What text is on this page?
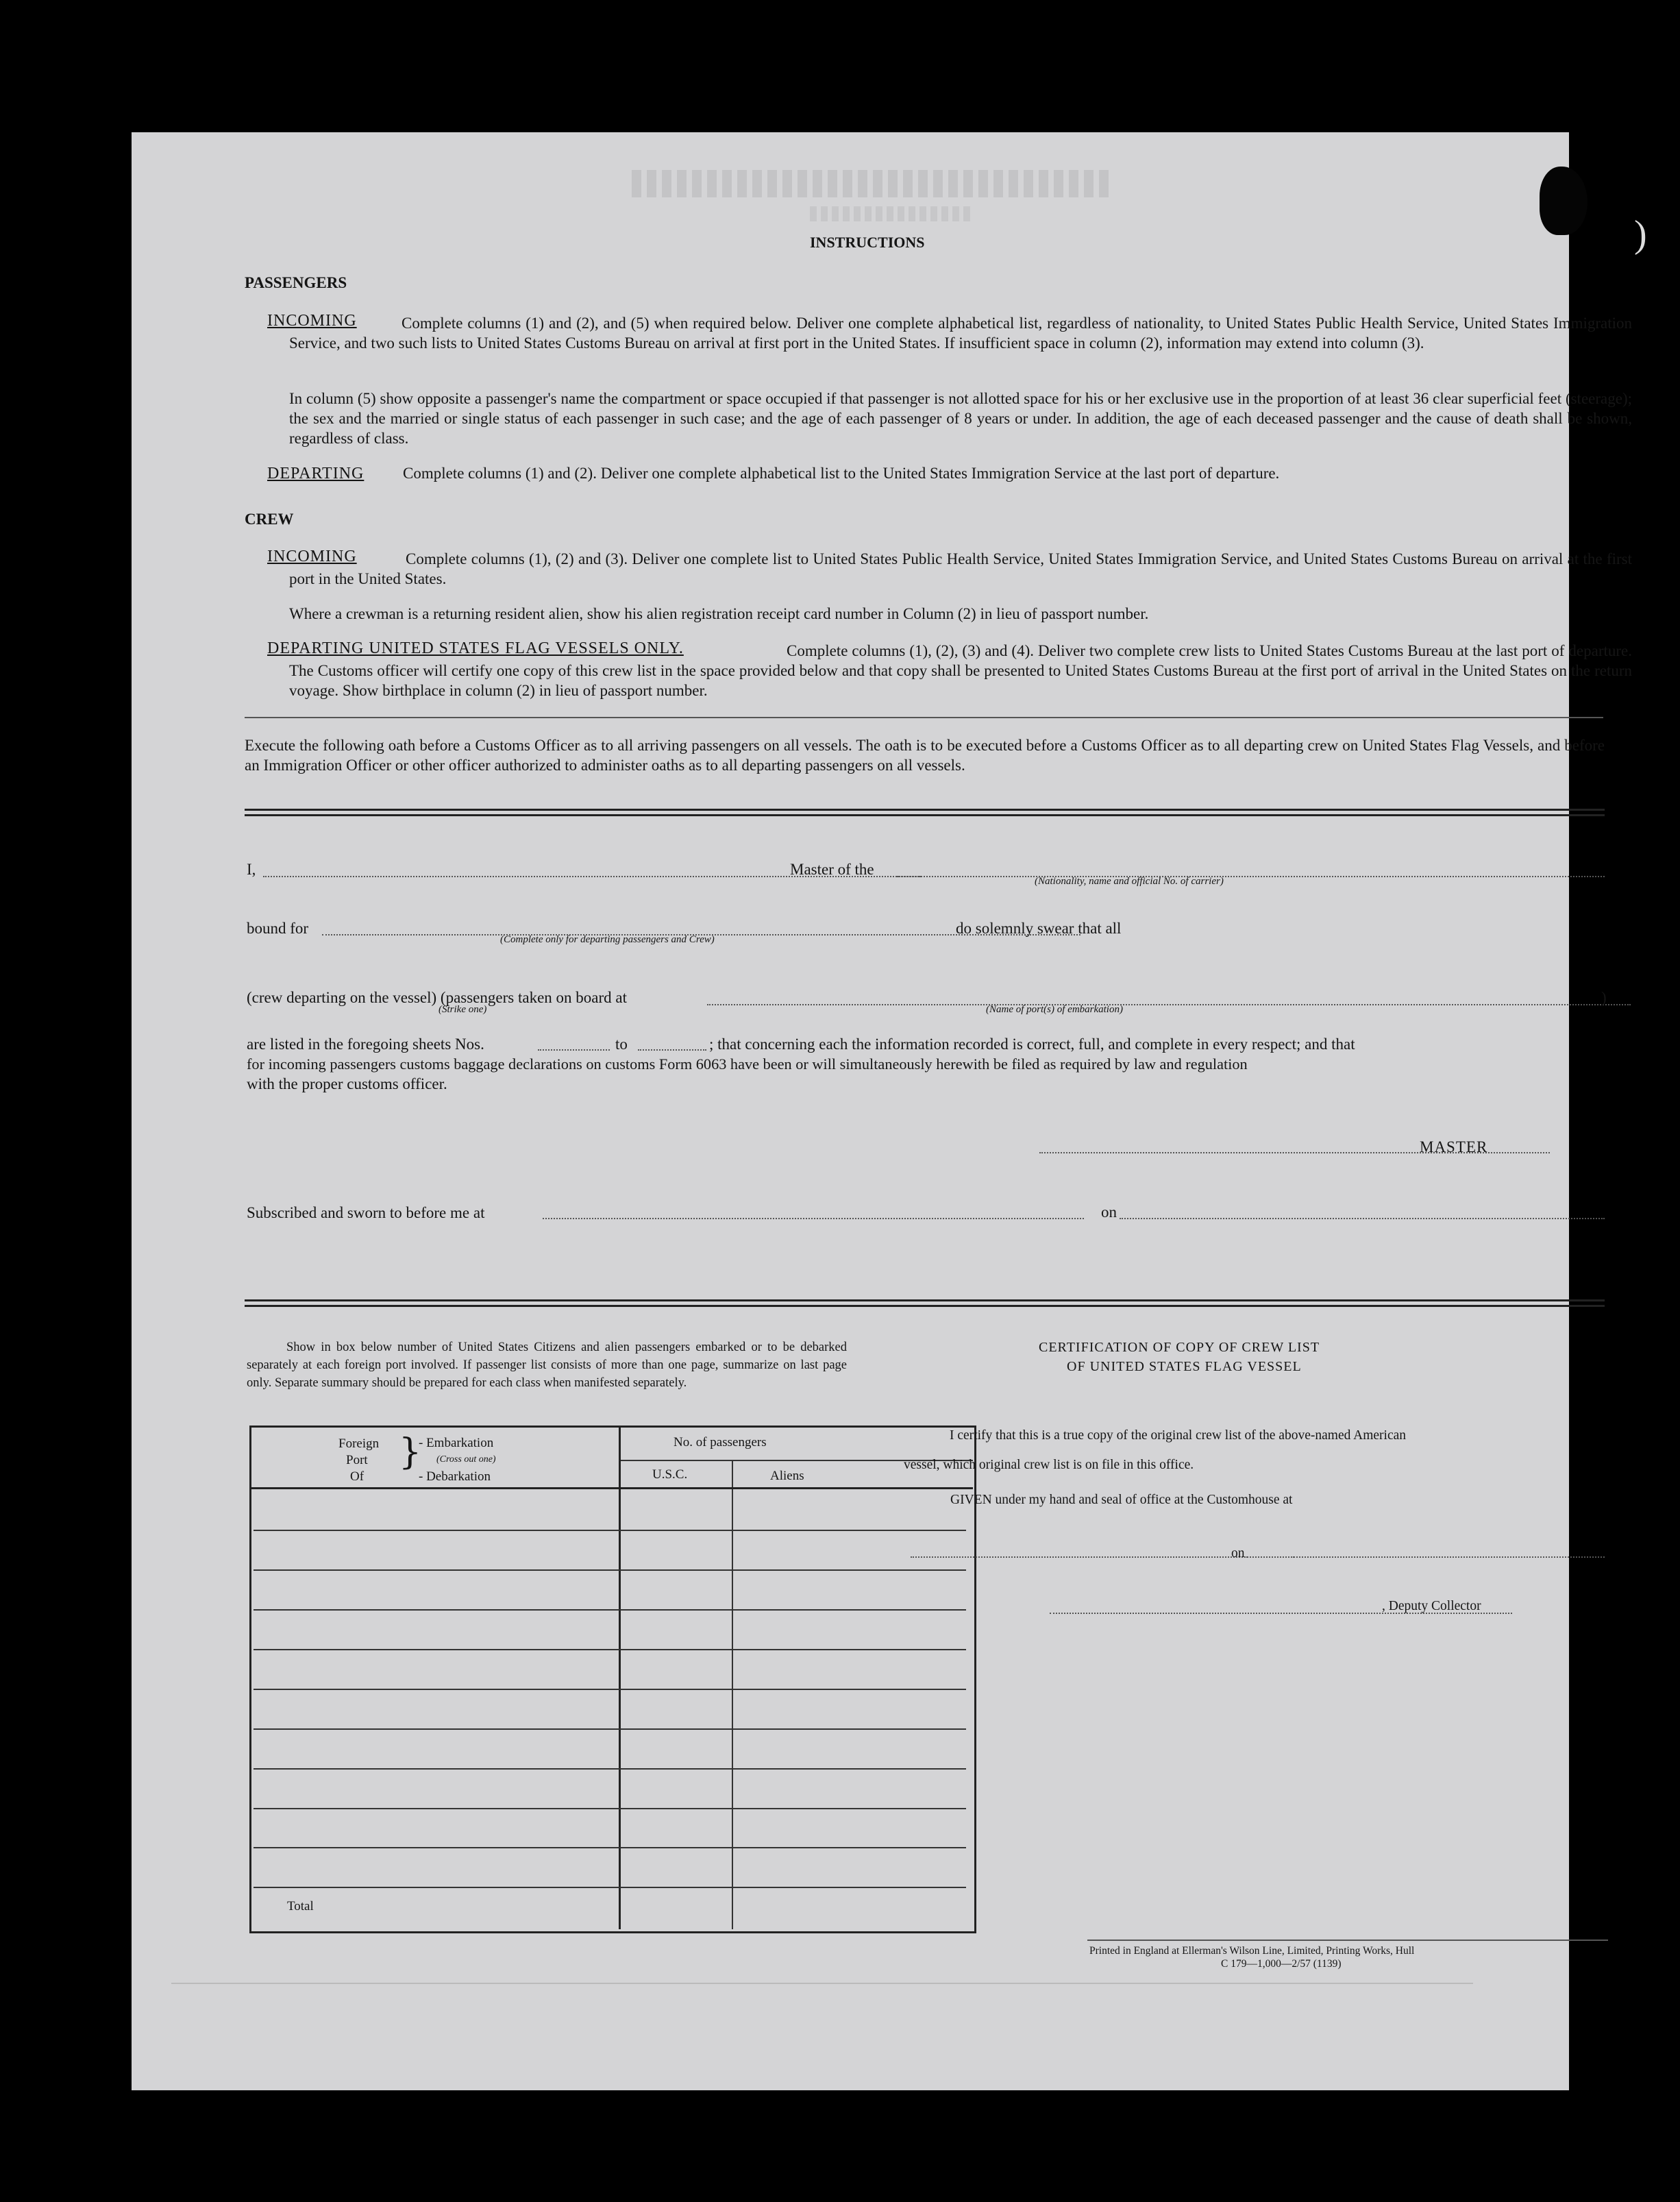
INSTRUCTIONS
PASSENGERS
INCOMING	Complete columns (1) and (2), and (5) when required below. Deliver one complete alphabetical list, regardless of nationality, to United States Public Health Service, United States Immigration Service, and two such lists to United States Customs Bureau on arrival at first port in the United States. If insufficient space in column (2), information may extend into column (3).
In column (5) show opposite a passenger's name the compartment or space occupied if that passenger is not allotted space for his or her exclusive use in the proportion of at least 36 clear superficial feet (steerage); the sex and the married or single status of each passenger in such case; and the age of each passenger of 8 years or under. In addition, the age of each deceased passenger and the cause of death shall be shown, regardless of class.
DEPARTING Complete columns (1) and (2). Deliver one complete alphabetical list to the United States Immigration Service at the last port of departure.
CREW
INCOMING	Complete columns (1), (2) and (3). Deliver one complete list to United States Public Health Service, United States Immigration Service, and United States Customs Bureau on arrival at the first port in the United States.
Where a crewman is a returning resident alien, show his alien registration receipt card number in Column (2) in lieu of passport number.
DEPARTING UNITED STATES FLAG VESSELS ONLY.	Complete columns (1), (2), (3) and (4). Deliver two complete crew lists to United States Customs Bureau at the last port of departure. The Customs officer will certify one copy of this crew list in the space provided below and that copy shall be presented to United States Customs Bureau at the first port of arrival in the United States on the return voyage. Show birthplace in column (2) in lieu of passport number.
Execute the following oath before a Customs Officer as to all arriving passengers on all vessels. The oath is to be executed before a Customs Officer as to all departing crew on United States Flag Vessels, and before an Immigration Officer or other officer authorized to administer oaths as to all departing passengers on all vessels.
I,	Master of the
(Nationality, name and official No. of carrier)
bound for
(Complete only for departing passengers and Crew)
do solemnly swear that all
(crew departing on the vessel) (passengers taken on board at
(Strike one)	(Name of port(s) of embarkation)
)
are listed in the foregoing sheets Nos.	to	; that concerning each the information recorded is correct, full, and complete in every respect; and that
for incoming passengers customs baggage declarations on customs Form 6063 have been or will simultaneously herewith be filed as required by law and regulation
with the proper customs officer.
MASTER
Subscribed and sworn to before me at	on
Show in box below number of United States Citizens and alien passengers embarked or to be debarked separately at each foreign port involved. If passenger list consists of more than one page, summarize on last page only. Separate summary should be prepared for each class when manifested separately.
Foreign
Port
Of
}
- Embarkation
(Cross out one)
- Debarkation
No. of passengers
U.S.C.	Aliens
Total
CERTIFICATION OF COPY OF CREW LIST
OF UNITED STATES FLAG VESSEL
I certify that this is a true copy of the original crew list of the above-named American
vessel, which original crew list is on file in this office.
GIVEN under my hand and seal of office at the Customhouse at
on
, Deputy Collector
Printed in England at Ellerman's Wilson Line, Limited, Printing Works, Hull
C 179—1,000—2/57 (1139)
)
